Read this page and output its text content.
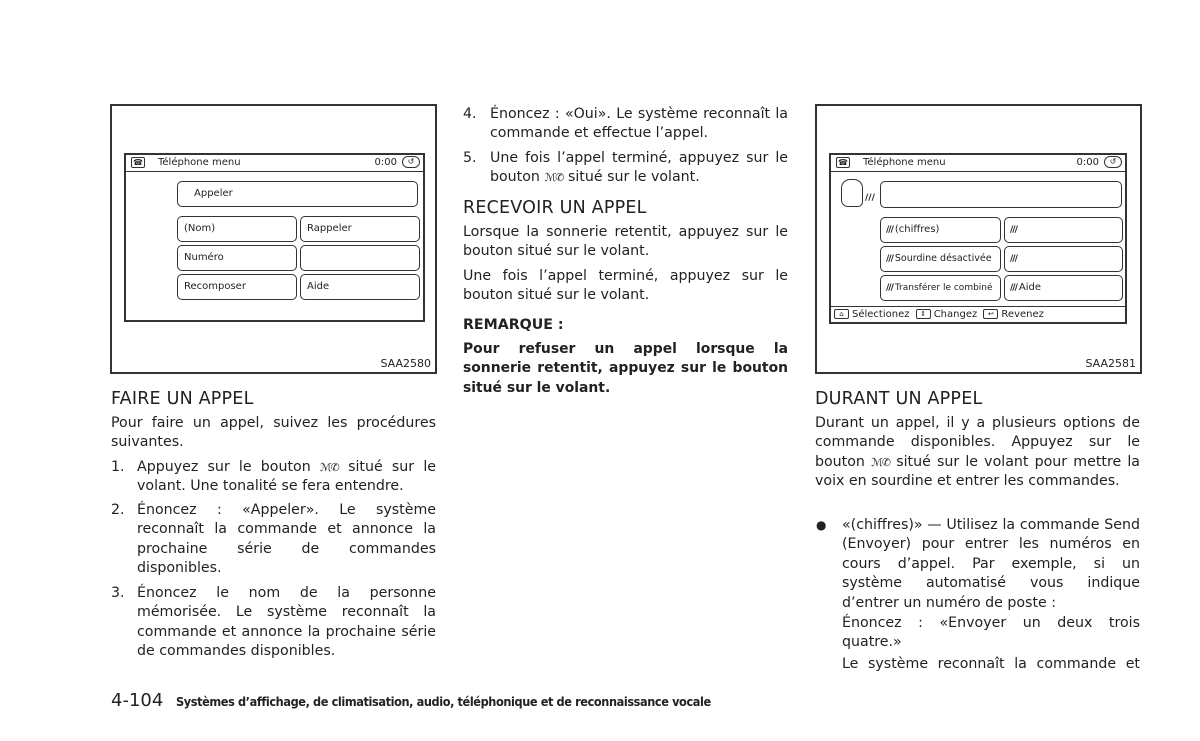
☎ Téléphone menu	0:00	↺
Appeler
(Nom)	Rappeler
Numéro
Recomposer	Aide
SAA2580
☎ Téléphone menu	0:00	↺
///
/// (chiffres)	///
/// Sourdine désactivée	///
/// Transférer le combiné	/// Aide
⌂ Sélectionez ⇕ Changez ↩ Revenez
SAA2581
FAIRE UN APPEL
Pour faire un appel, suivez les procédures suivantes.
1. Appuyez sur le bouton ℳ✆ situé sur le volant. Une tonalité se fera entendre.
2. Énoncez : «Appeler». Le système reconnaît la commande et annonce la prochaine série de commandes disponibles.
3. Énoncez le nom de la personne mémorisée. Le système reconnaît la commande et annonce la prochaine série de commandes disponibles.
4. Énoncez : «Oui». Le système reconnaît la commande et effectue l’appel.
5. Une fois l’appel terminé, appuyez sur le bouton ℳ✆ situé sur le volant.
RECEVOIR UN APPEL
Lorsque la sonnerie retentit, appuyez sur le bouton situé sur le volant.
Une fois l’appel terminé, appuyez sur le bouton situé sur le volant.
REMARQUE :
Pour refuser un appel lorsque la sonnerie retentit, appuyez sur le bouton situé sur le volant.
DURANT UN APPEL
Durant un appel, il y a plusieurs options de commande disponibles. Appuyez sur le bouton ℳ✆ situé sur le volant pour mettre la voix en sourdine et entrer les commandes.
● «(chiffres)» — Utilisez la commande Send (Envoyer) pour entrer les numéros en cours d’appel. Par exemple, si un système automatisé vous indique d’entrer un numéro de poste :
Énoncez : «Envoyer un deux trois quatre.»
Le système reconnaît la commande et
4-104 Systèmes d’affichage, de climatisation, audio, téléphonique et de reconnaissance vocale
